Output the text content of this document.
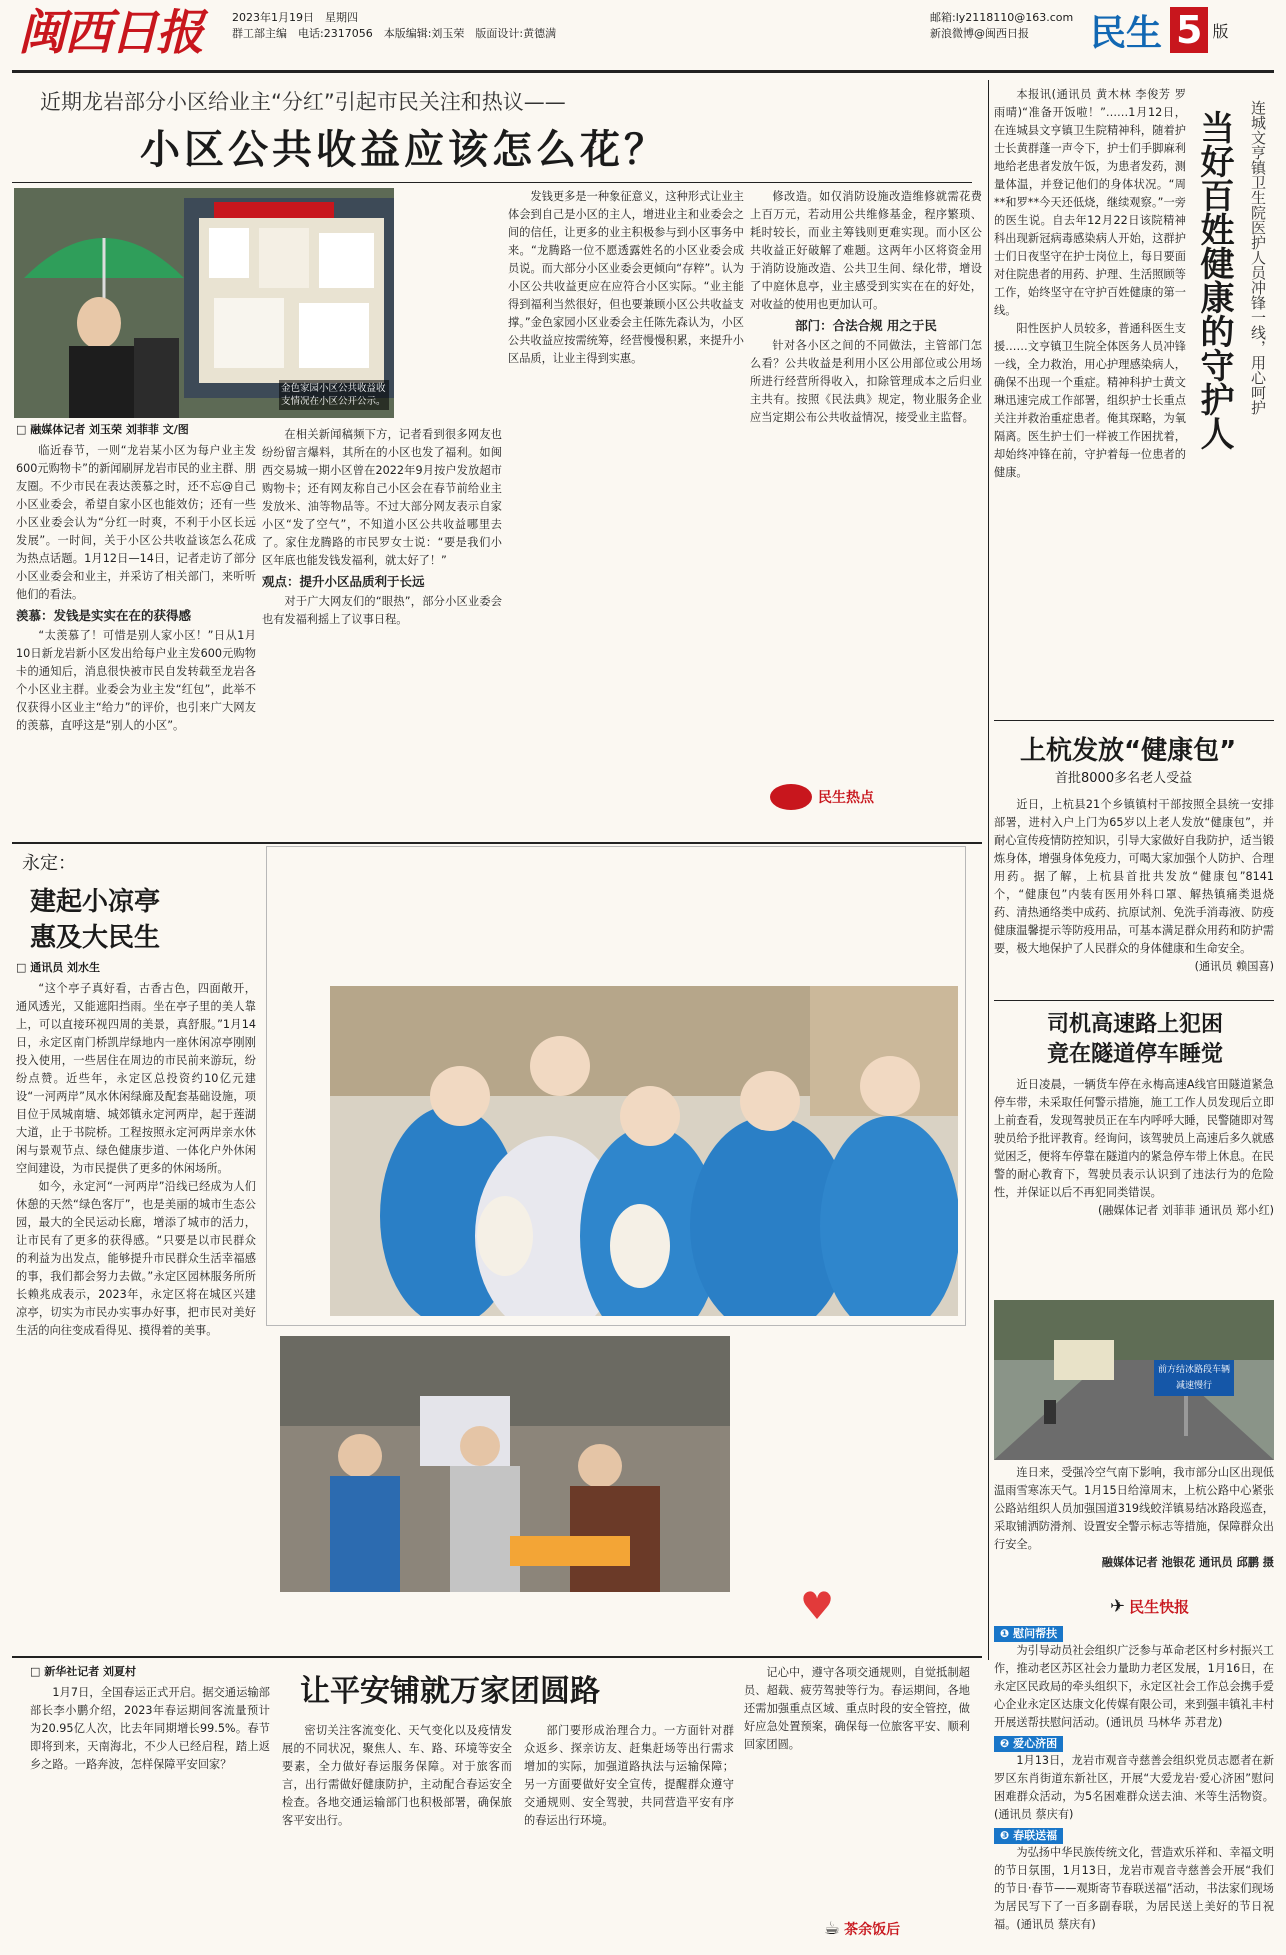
闽西日报	2023年1月19日　 星期四
群工部主编　电话:2317056　本版编辑:刘玉荣　版面设计:黄德满
邮箱:ly2118110@163.com
新浪微博@闽西日报	民生 5 版
近期龙岩部分小区给业主“分红”引起市民关注和热议——
小区公共收益应该怎么花？
金色家园小区公共收益收支情况在小区公开公示。
□ 融媒体记者 刘玉荣 刘菲菲 文/图

临近春节，一则“龙岩某小区为每户业主发600元购物卡”的新闻刷屏龙岩市民的业主群、朋友圈。不少市民在表达羡慕之时，还不忘@自己小区业委会，希望自家小区也能效仿；还有一些小区业委会认为“分红一时爽，不利于小区长远发展”。一时间，关于小区公共收益该怎么花成为热点话题。1月12日—14日，记者走访了部分小区业委会和业主，并采访了相关部门，来听听他们的看法。

羡慕：发钱是实实在在的获得感

“太羡慕了！可惜是别人家小区！”日从1月10日新龙岩新小区发出给每户业主发600元购物卡的通知后，消息很快被市民自发转载至龙岩各个小区业主群。业委会为业主发“红包”，此举不仅获得小区业主“给力”的评价，也引来广大网友的羡慕，直呼这是“别人的小区”。

在相关新闻稿频下方，记者看到很多网友也纷纷留言爆料，其所在的小区也发了福利。如闽西交易城一期小区曾在2022年9月按户发放超市购物卡；还有网友称自己小区会在春节前给业主发放米、油等物品等。不过大部分网友表示自家小区“发了空气”，不知道小区公共收益哪里去了。家住龙腾路的市民罗女士说：“要是我们小区年底也能发钱发福利，就太好了！”

观点：提升小区品质利于长远

对于广大网友们的“眼热”，部分小区业委会也有发福利摇上了议事日程。

发钱更多是一种象征意义，这种形式让业主体会到自己是小区的主人，增进业主和业委会之间的信任，让更多的业主积极参与到小区事务中来。“龙腾路一位不愿透露姓名的小区业委会成员说。而大部分小区业委会更倾向“存粹”。认为小区公共收益更应在应符合小区实际。“业主能得到福利当然很好，但也要兼顾小区公共收益支撑。”金色家园小区业委会主任陈先森认为，小区公共收益应按需统筹，经营慢慢积累，来提升小区品质，让业主得到实惠。

修改造。如仅消防设施改造维修就需花费上百万元，若动用公共维修基金，程序繁琐、耗时较长，而业主筹钱则更难实现。而小区公共收益正好破解了难题。这两年小区将资金用于消防设施改造、公共卫生间、绿化带，增设了中庭休息亭，业主感受到实实在在的好处，对收益的使用也更加认可。

部门：合法合规 用之于民

针对各小区之间的不同做法，主管部门怎么看？公共收益是利用小区公用部位或公用场所进行经营所得收入，扣除管理成本之后归业主共有。按照《民法典》规定，物业服务企业应当定期公布公共收益情况，接受业主监督。

民生热点

本报讯(通讯员 黄木林 李俊芳 罗雨晴)“准备开饭啦！”……1月12日，在连城县文亨镇卫生院精神科，随着护士长黄群蓬一声令下，护士们手脚麻利地给老患者发放午饭，为患者发药，测量体温，并登记他们的身体状况。“周**和罗**今天还低烧，继续观察。”一旁的医生说。自去年12月22日该院精神科出现新冠病毒感染病人开始，这群护士们日夜坚守在护士岗位上，每日要面对住院患者的用药、护理、生活照顾等工作，始终坚守在守护百姓健康的第一线。

阳性医护人员较多，普通科医生支援……文亨镇卫生院全体医务人员冲锋一线，全力救治，用心护理感染病人，确保不出现一个重症。精神科护士黄文琳迅速完成工作部署，组织护士长重点关注并救治重症患者。俺其琛略，为氧隔离。医生护士们一样被工作困扰着，却始终冲锋在前，守护着每一位患者的健康。

当好百姓健康的守护人	连城文亨镇卫生院医护人员冲锋一线，用心呵护
上杭发放“健康包”
首批8000多名老人受益

近日，上杭县21个乡镇镇村干部按照全县统一安排部署，进村入户上门为65岁以上老人发放“健康包”，并耐心宣传疫情防控知识，引导大家做好自我防护，适当锻炼身体，增强身体免疫力，可喝大家加强个人防护、合理用药。据了解，上杭县首批共发放“健康包”8141个，“健康包”内装有医用外科口罩、解热镇痛类退烧药、清热通络类中成药、抗原试剂、免洗手消毒液、防疫健康温馨提示等防疫用品，可基本满足群众用药和防护需要，极大地保护了人民群众的身体健康和生命安全。

(通讯员 赖国喜)

司机高速路上犯困
竟在隧道停车睡觉

近日凌晨，一辆货车停在永梅高速A线官田隧道紧急停车带，未采取任何警示措施，施工工作人员发现后立即上前查看，发现驾驶员正在车内呼呼大睡，民警随即对驾驶员给予批评教育。经询问，该驾驶员上高速后多久就感觉困乏，便将车停靠在隧道内的紧急停车带上休息。在民警的耐心教育下，驾驶员表示认识到了违法行为的危险性，并保证以后不再犯同类错误。

(融媒体记者 刘菲菲 通讯员 郑小红)

前方结冰路段车辆减速慢行

连日来，受强冷空气南下影响，我市部分山区出现低温雨雪寒冻天气。1月15日给漳周末，上杭公路中心紧张公路站组织人员加强国道319线蛟洋镇易结冰路段巡查，采取铺洒防滑剂、设置安全警示标志等措施，保障群众出行安全。

融媒体记者 池银花 通讯员 邱鹏 摄

✈ 民生快报
❶ 慰问帮扶
为引导动员社会组织广泛参与革命老区村乡村振兴工作，推动老区苏区社会力量助力老区发展，1月16日，在永定区民政局的牵头组织下，永定区社会工作总会携手爱心企业永定区达康文化传媒有限公司，来到强丰镇礼丰村开展送帮扶慰问活动。(通讯员 马林华 苏君龙)
❷ 爱心济困
1月13日，龙岩市观音寺慈善会组织党员志愿者在新罗区东肖街道东新社区，开展“大爱龙岩·爱心济困”慰问困难群众活动，为5名困难群众送去油、米等生活物资。(通讯员 蔡庆有)
❸ 春联送福
为弘扬中华民族传统文化，营造欢乐祥和、幸福文明的节日氛围，1月13日，龙岩市观音寺慈善会开展“我们的节日·春节——观斯寄节春联送福”活动，书法家们现场为居民写下了一百多副春联，为居民送上美好的节日祝福。(通讯员 蔡庆有)
永定：
建起小凉亭
惠及大民生
□ 通讯员 刘水生

“这个亭子真好看，古香古色，四面敞开，通风透光，又能遮阳挡雨。坐在亭子里的美人靠上，可以直接环视四周的美景，真舒服。”1月14日，永定区南门桥凯岸绿地内一座休闲凉亭刚刚投入使用，一些居住在周边的市民前来游玩，纷纷点赞。近些年，永定区总投资约10亿元建设“一河两岸”凤水休闲绿廊及配套基础设施，项目位于凤城南塘、城郊镇永定河两岸，起于莲湖大道，止于书院桥。工程按照永定河两岸亲水休闲与景观节点、绿色健康步道、一体化户外休闲空间建设，为市民提供了更多的休闲场所。

如今，永定河“一河两岸”沿线已经成为人们休憩的天然“绿色客厅”，也是美丽的城市生态公园，最大的全民运动长廊，增添了城市的活力，让市民有了更多的获得感。“只要是以市民群众的利益为出发点，能够提升市民群众生活幸福感的事，我们都会努力去做。”永定区园林服务所所长赖兆成表示，2023年，永定区将在城区兴建凉亭，切实为市民办实事办好事，把市民对美好生活的向往变成看得见、摸得着的美事。

♥
□ 新华社记者 刘夏村
让平安铺就万家团圆路

1月7日，全国春运正式开启。据交通运输部部长李小鹏介绍，2023年春运期间客流量预计为20.95亿人次，比去年同期增长99.5%。春节即将到来，天南海北，不少人已经启程，踏上返乡之路。一路奔波，怎样保障平安回家？

密切关注客流变化、天气变化以及疫情发展的不同状况，聚焦人、车、路、环境等安全要素，全力做好春运服务保障。对于旅客而言，出行需做好健康防护，主动配合春运安全检查。各地交通运输部门也积极部署，确保旅客平安出行。

部门要形成治理合力。一方面针对群众返乡、探亲访友、赶集赶场等出行需求增加的实际，加强道路执法与运输保障；另一方面要做好安全宣传，提醒群众遵守交通规则、安全驾驶，共同营造平安有序的春运出行环境。

记心中，遵守各项交通规则，自觉抵制超员、超载、疲劳驾驶等行为。春运期间，各地还需加强重点区域、重点时段的安全管控，做好应急处置预案，确保每一位旅客平安、顺利回家团圆。

☕ 茶余饭后
